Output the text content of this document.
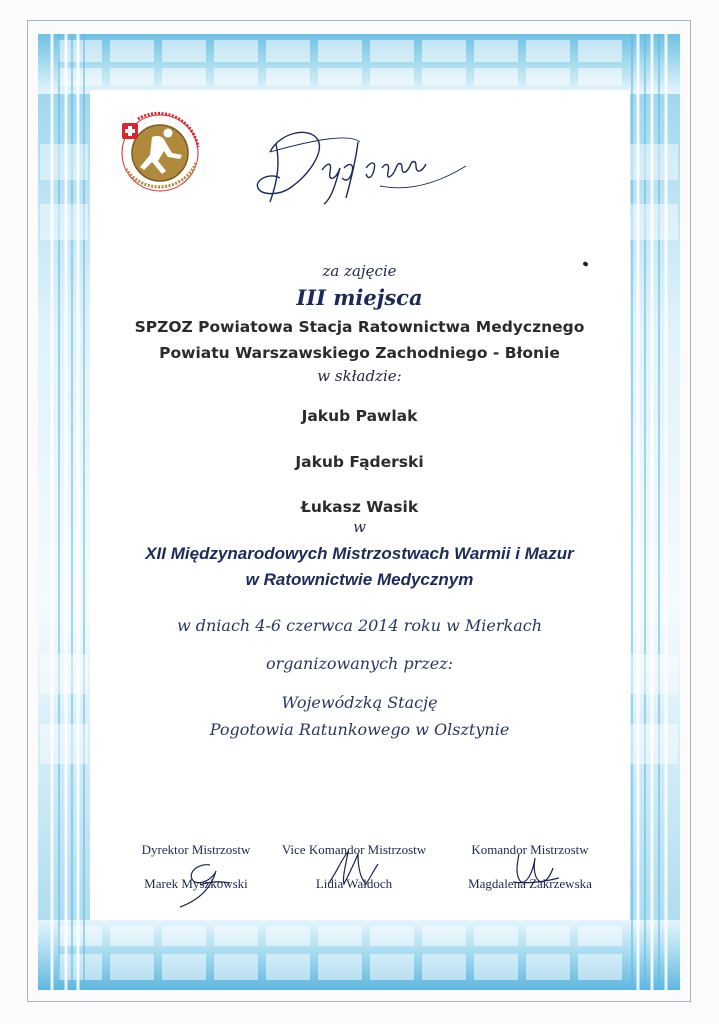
Dyplom
za zajęcie
III miejsca
SPZOZ Powiatowa Stacja Ratownictwa Medycznego
Powiatu Warszawskiego Zachodniego - Błonie
w składzie:
Jakub Pawlak
Jakub Fąderski
Łukasz Wasik
w
XII Międzynarodowych Mistrzostwach Warmii i Mazur
w Ratownictwie Medycznym
w dniach 4-6 czerwca 2014 roku w Mierkach
organizowanych przez:
Wojewódzką Stację
Pogotowia Ratunkowego w Olsztynie
Dyrektor Mistrzostw
Marek Myszkowski
Vice Komandor Mistrzostw
Lidia Wałdoch
Komandor Mistrzostw
Magdalena Zakrzewska
